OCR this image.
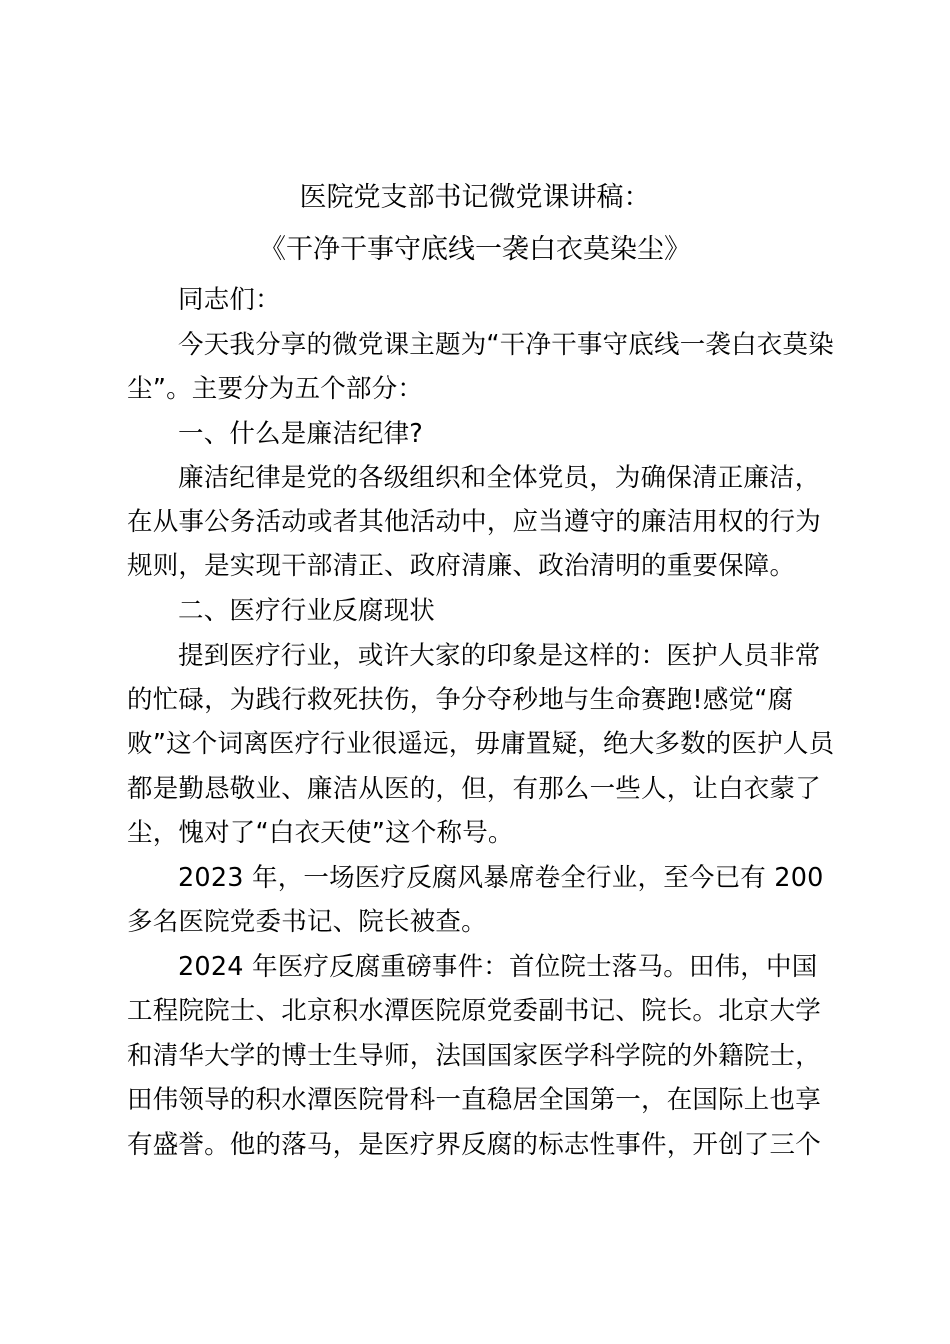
医院党支部书记微党课讲稿：
《干净干事守底线一袭白衣莫染尘》
同志们：
今天我分享的微党课主题为“干净干事守底线一袭白衣莫染
尘”。主要分为五个部分：
一、什么是廉洁纪律?
廉洁纪律是党的各级组织和全体党员，为确保清正廉洁，
在从事公务活动或者其他活动中，应当遵守的廉洁用权的行为
规则，是实现干部清正、政府清廉、政治清明的重要保障。
二、医疗行业反腐现状
提到医疗行业，或许大家的印象是这样的：医护人员非常
的忙碌，为践行救死扶伤，争分夺秒地与生命赛跑!感觉“腐
败”这个词离医疗行业很遥远，毋庸置疑，绝大多数的医护人员
都是勤恳敬业、廉洁从医的，但，有那么一些人，让白衣蒙了
尘，愧对了“白衣天使”这个称号。
2023 年，一场医疗反腐风暴席卷全行业，至今已有 200
多名医院党委书记、院长被查。
2024 年医疗反腐重磅事件：首位院士落马。田伟，中国
工程院院士、北京积水潭医院原党委副书记、院长。北京大学
和清华大学的博士生导师，法国国家医学科学院的外籍院士，
田伟领导的积水潭医院骨科一直稳居全国第一，在国际上也享
有盛誉。他的落马，是医疗界反腐的标志性事件，开创了三个
